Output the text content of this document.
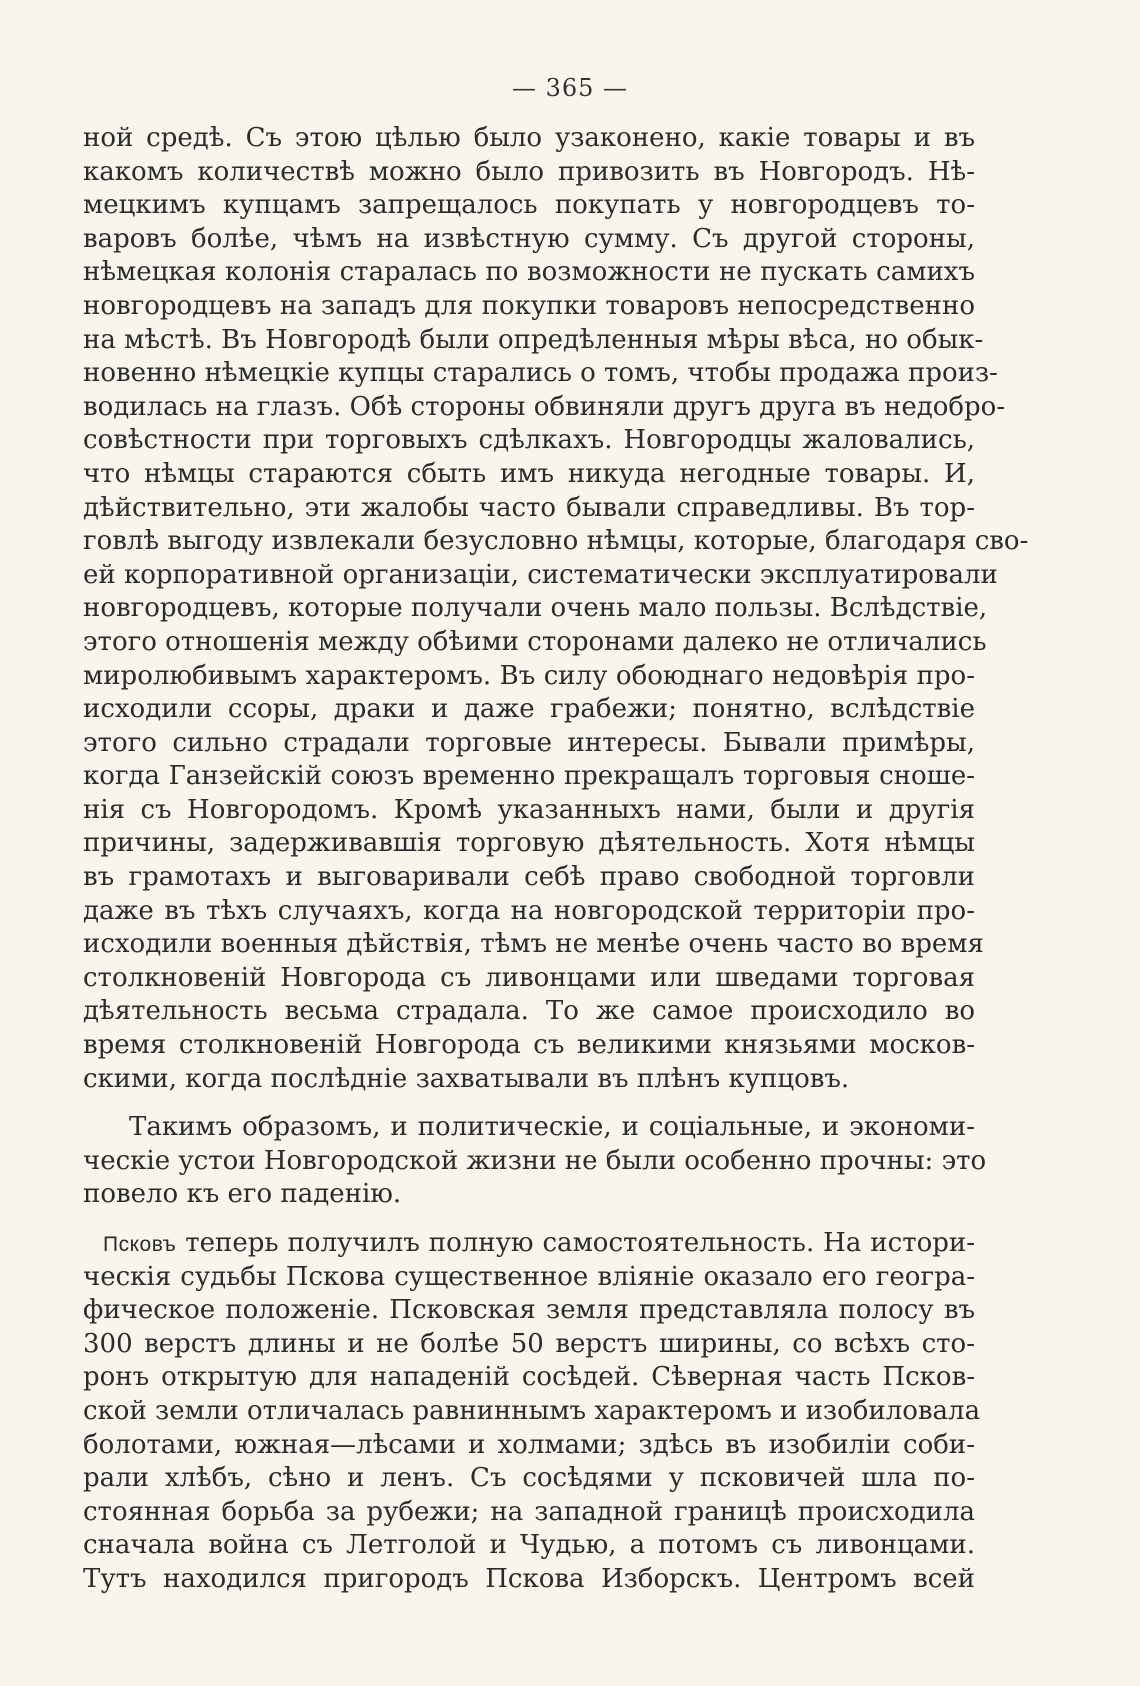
— 365 —
ной средѣ. Съ этою цѣлью было узаконено, какіе товары и въ
какомъ количествѣ можно было привозить въ Новгородъ. Нѣ-
мецкимъ купцамъ запрещалось покупать у новгородцевъ то-
варовъ болѣе, чѣмъ на извѣстную сумму. Съ другой стороны,
нѣмецкая колонія старалась по возможности не пускать самихъ
новгородцевъ на западъ для покупки товаровъ непосредственно
на мѣстѣ. Въ Новгородѣ были опредѣленныя мѣры вѣса, но обык-
новенно нѣмецкіе купцы старались о томъ, чтобы продажа произ-
водилась на глазъ. Обѣ стороны обвиняли другъ друга въ недобро-
совѣстности при торговыхъ сдѣлкахъ. Новгородцы жаловались,
что нѣмцы стараются сбыть имъ никуда негодные товары. И,
дѣйствительно, эти жалобы часто бывали справедливы. Въ тор-
говлѣ выгоду извлекали безусловно нѣмцы, которые, благодаря сво-
ей корпоративной организаціи, систематически эксплуатировали
новгородцевъ, которые получали очень мало пользы. Вслѣдствіе,
этого отношенія между обѣими сторонами далеко не отличались
миролюбивымъ характеромъ. Въ силу обоюднаго недовѣрія про-
исходили ссоры, драки и даже грабежи; понятно, вслѣдствіе
этого сильно страдали торговые интересы. Бывали примѣры,
когда Ганзейскій союзъ временно прекращалъ торговыя сноше-
нія съ Новгородомъ. Кромѣ указанныхъ нами, были и другія
причины, задерживавшія торговую дѣятельность. Хотя нѣмцы
въ грамотахъ и выговаривали себѣ право свободной торговли
даже въ тѣхъ случаяхъ, когда на новгородской территоріи про-
исходили военныя дѣйствія, тѣмъ не менѣе очень часто во время
столкновеній Новгорода съ ливонцами или шведами торговая
дѣятельность весьма страдала. То же самое происходило во
время столкновеній Новгорода съ великими князьями москов-
скими, когда послѣдніе захватывали въ плѣнъ купцовъ.
Такимъ образомъ, и политическіе, и соціальные, и экономи-
ческіе устои Новгородской жизни не были особенно прочны: это
повело къ его паденію.
Псковъ теперь получилъ полную самостоятельность. На истори-
ческія судьбы Пскова существенное вліяніе оказало его геогра-
фическое положеніе. Псковская земля представляла полосу въ
300 верстъ длины и не болѣе 50 верстъ ширины, со всѣхъ сто-
ронъ открытую для нападеній сосѣдей. Сѣверная часть Псков-
ской земли отличалась равниннымъ характеромъ и изобиловала
болотами, южная—лѣсами и холмами; здѣсь въ изобиліи соби-
рали хлѣбъ, сѣно и ленъ. Съ сосѣдями у псковичей шла по-
стоянная борьба за рубежи; на западной границѣ происходила
сначала война съ Летголой и Чудью, а потомъ съ ливонцами.
Тутъ находился пригородъ Пскова Изборскъ. Центромъ всей
